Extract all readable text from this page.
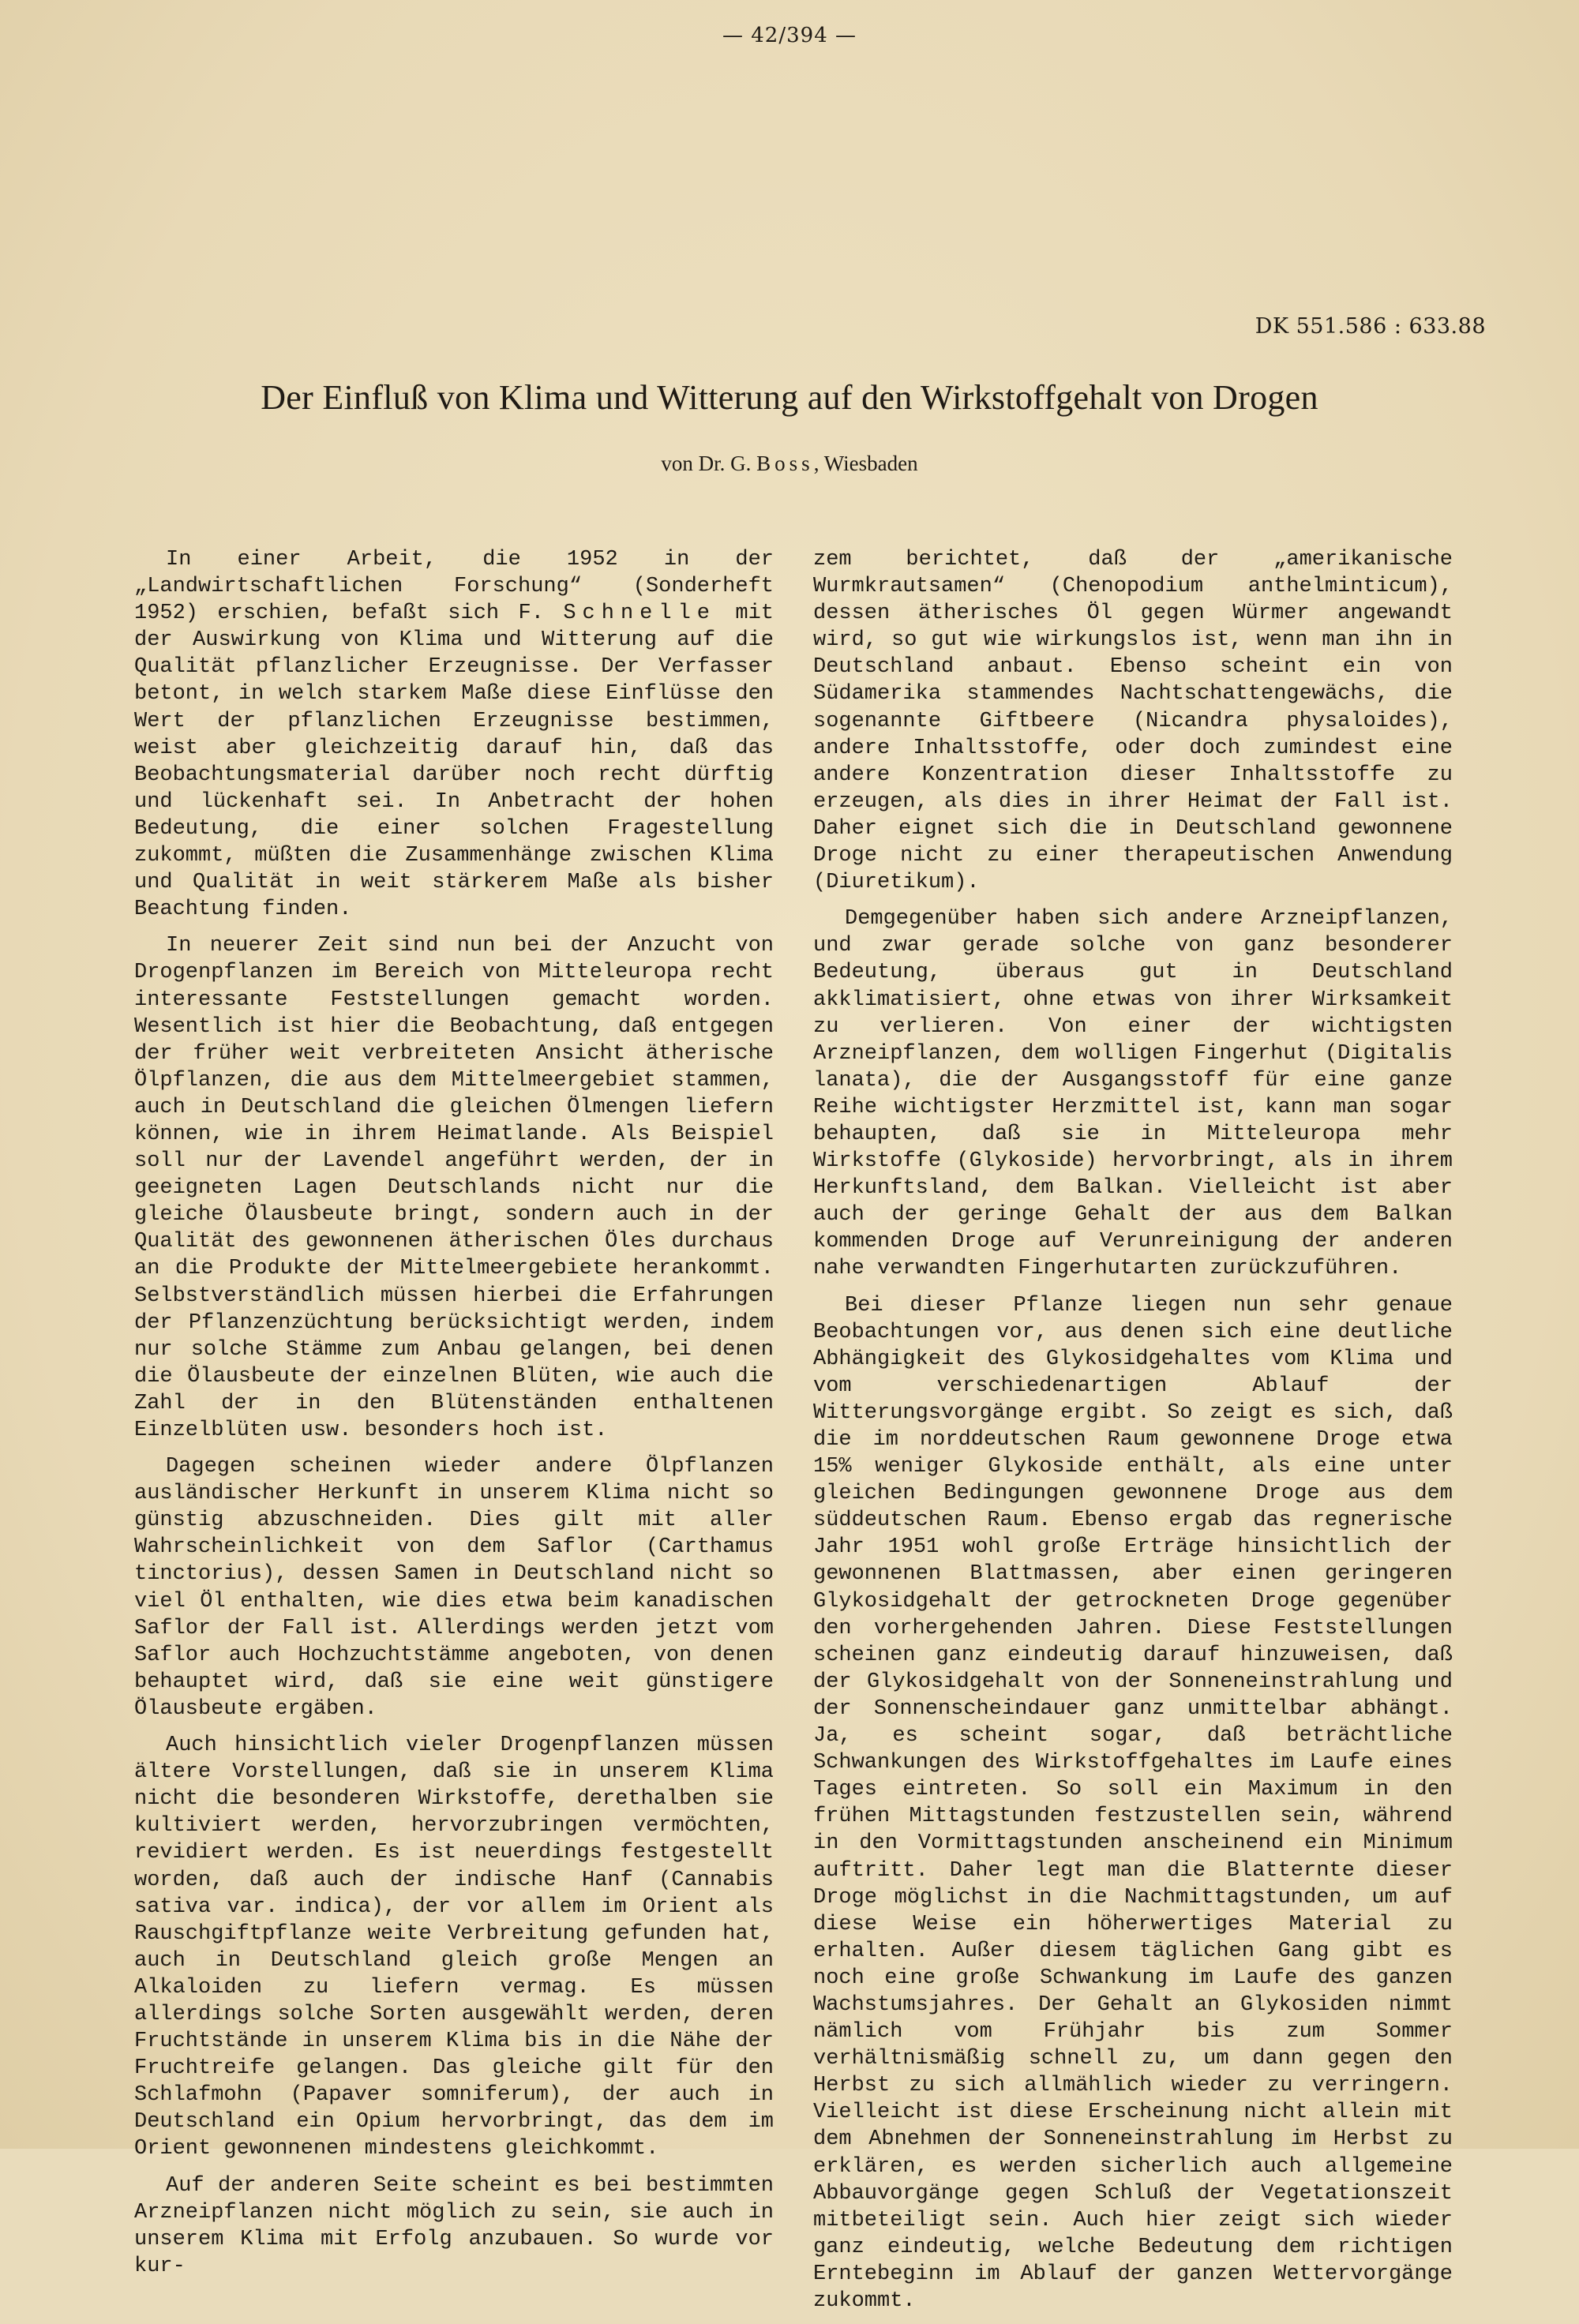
— 42/394 —
DK 551.586 : 633.88
Der Einfluß von Klima und Witterung auf den Wirkstoffgehalt von Drogen
von Dr. G. Boss, Wiesbaden

In einer Arbeit, die 1952 in der „Landwirtschaftlichen Forschung“ (Sonderheft 1952) erschien, befaßt sich F. Schnelle mit der Auswirkung von Klima und Witterung auf die Qualität pflanzlicher Erzeugnisse. Der Verfasser betont, in welch starkem Maße diese Einflüsse den Wert der pflanzlichen Erzeugnisse bestimmen, weist aber gleichzeitig darauf hin, daß das Beobachtungsmaterial darüber noch recht dürftig und lückenhaft sei. In Anbetracht der hohen Bedeutung, die einer solchen Fragestellung zukommt, müßten die Zusammenhänge zwischen Klima und Qualität in weit stärkerem Maße als bisher Beachtung finden.

In neuerer Zeit sind nun bei der Anzucht von Drogenpflanzen im Bereich von Mitteleuropa recht interessante Feststellungen gemacht worden. Wesentlich ist hier die Beobachtung, daß entgegen der früher weit verbreiteten Ansicht ätherische Ölpflanzen, die aus dem Mittelmeergebiet stammen, auch in Deutschland die gleichen Ölmengen liefern können, wie in ihrem Heimatlande. Als Beispiel soll nur der Lavendel angeführt werden, der in geeigneten Lagen Deutschlands nicht nur die gleiche Ölausbeute bringt, sondern auch in der Qualität des gewonnenen ätherischen Öles durchaus an die Produkte der Mittelmeergebiete herankommt. Selbstverständlich müssen hierbei die Erfahrungen der Pflanzenzüchtung berücksichtigt werden, indem nur solche Stämme zum Anbau gelangen, bei denen die Ölausbeute der einzelnen Blüten, wie auch die Zahl der in den Blütenständen enthaltenen Einzelblüten usw. besonders hoch ist.

Dagegen scheinen wieder andere Ölpflanzen ausländischer Herkunft in unserem Klima nicht so günstig abzuschneiden. Dies gilt mit aller Wahrscheinlichkeit von dem Saflor (Carthamus tinctorius), dessen Samen in Deutschland nicht so viel Öl enthalten, wie dies etwa beim kanadischen Saflor der Fall ist. Allerdings werden jetzt vom Saflor auch Hochzuchtstämme angeboten, von denen behauptet wird, daß sie eine weit günstigere Ölausbeute ergäben.

Auch hinsichtlich vieler Drogenpflanzen müssen ältere Vorstellungen, daß sie in unserem Klima nicht die besonderen Wirkstoffe, derethalben sie kultiviert werden, hervorzubringen vermöchten, revidiert werden. Es ist neuerdings festgestellt worden, daß auch der indische Hanf (Cannabis sativa var. indica), der vor allem im Orient als Rauschgiftpflanze weite Verbreitung gefunden hat, auch in Deutschland gleich große Mengen an Alkaloiden zu liefern vermag. Es müssen allerdings solche Sorten ausgewählt werden, deren Fruchtstände in unserem Klima bis in die Nähe der Fruchtreife gelangen. Das gleiche gilt für den Schlafmohn (Papaver somniferum), der auch in Deutschland ein Opium hervorbringt, das dem im Orient gewonnenen mindestens gleichkommt.

Auf der anderen Seite scheint es bei bestimmten Arzneipflanzen nicht möglich zu sein, sie auch in unserem Klima mit Erfolg anzubauen. So wurde vor kur-

zem berichtet, daß der „amerikanische Wurmkrautsamen“ (Chenopodium anthelminticum), dessen ätherisches Öl gegen Würmer angewandt wird, so gut wie wirkungslos ist, wenn man ihn in Deutschland anbaut. Ebenso scheint ein von Südamerika stammendes Nachtschattengewächs, die sogenannte Giftbeere (Nicandra physaloides), andere Inhaltsstoffe, oder doch zumindest eine andere Konzentration dieser Inhaltsstoffe zu erzeugen, als dies in ihrer Heimat der Fall ist. Daher eignet sich die in Deutschland gewonnene Droge nicht zu einer therapeutischen Anwendung (Diuretikum).

Demgegenüber haben sich andere Arzneipflanzen, und zwar gerade solche von ganz besonderer Bedeutung, überaus gut in Deutschland akklimatisiert, ohne etwas von ihrer Wirksamkeit zu verlieren. Von einer der wichtigsten Arzneipflanzen, dem wolligen Fingerhut (Digitalis lanata), die der Ausgangsstoff für eine ganze Reihe wichtigster Herzmittel ist, kann man sogar behaupten, daß sie in Mitteleuropa mehr Wirkstoffe (Glykoside) hervorbringt, als in ihrem Herkunftsland, dem Balkan. Vielleicht ist aber auch der geringe Gehalt der aus dem Balkan kommenden Droge auf Verunreinigung der anderen nahe verwandten Fingerhutarten zurückzuführen.

Bei dieser Pflanze liegen nun sehr genaue Beobachtungen vor, aus denen sich eine deutliche Abhängigkeit des Glykosidgehaltes vom Klima und vom verschiedenartigen Ablauf der Witterungsvorgänge ergibt. So zeigt es sich, daß die im norddeutschen Raum gewonnene Droge etwa 15% weniger Glykoside enthält, als eine unter gleichen Bedingungen gewonnene Droge aus dem süddeutschen Raum. Ebenso ergab das regnerische Jahr 1951 wohl große Erträge hinsichtlich der gewonnenen Blattmassen, aber einen geringeren Glykosidgehalt der getrockneten Droge gegenüber den vorhergehenden Jahren. Diese Feststellungen scheinen ganz eindeutig darauf hinzuweisen, daß der Glykosidgehalt von der Sonneneinstrahlung und der Sonnenscheindauer ganz unmittelbar abhängt. Ja, es scheint sogar, daß beträchtliche Schwankungen des Wirkstoffgehaltes im Laufe eines Tages eintreten. So soll ein Maximum in den frühen Mittagstunden festzustellen sein, während in den Vormittagstunden anscheinend ein Minimum auftritt. Daher legt man die Blatternte dieser Droge möglichst in die Nachmittagstunden, um auf diese Weise ein höherwertiges Material zu erhalten. Außer diesem täglichen Gang gibt es noch eine große Schwankung im Laufe des ganzen Wachstumsjahres. Der Gehalt an Glykosiden nimmt nämlich vom Frühjahr bis zum Sommer verhältnismäßig schnell zu, um dann gegen den Herbst zu sich allmählich wieder zu verringern. Vielleicht ist diese Erscheinung nicht allein mit dem Abnehmen der Sonneneinstrahlung im Herbst zu erklären, es werden sicherlich auch allgemeine Abbauvorgänge gegen Schluß der Vegetationszeit mitbeteiligt sein. Auch hier zeigt sich wieder ganz eindeutig, welche Bedeutung dem richtigen Erntebeginn im Ablauf der ganzen Wettervorgänge zukommt.
